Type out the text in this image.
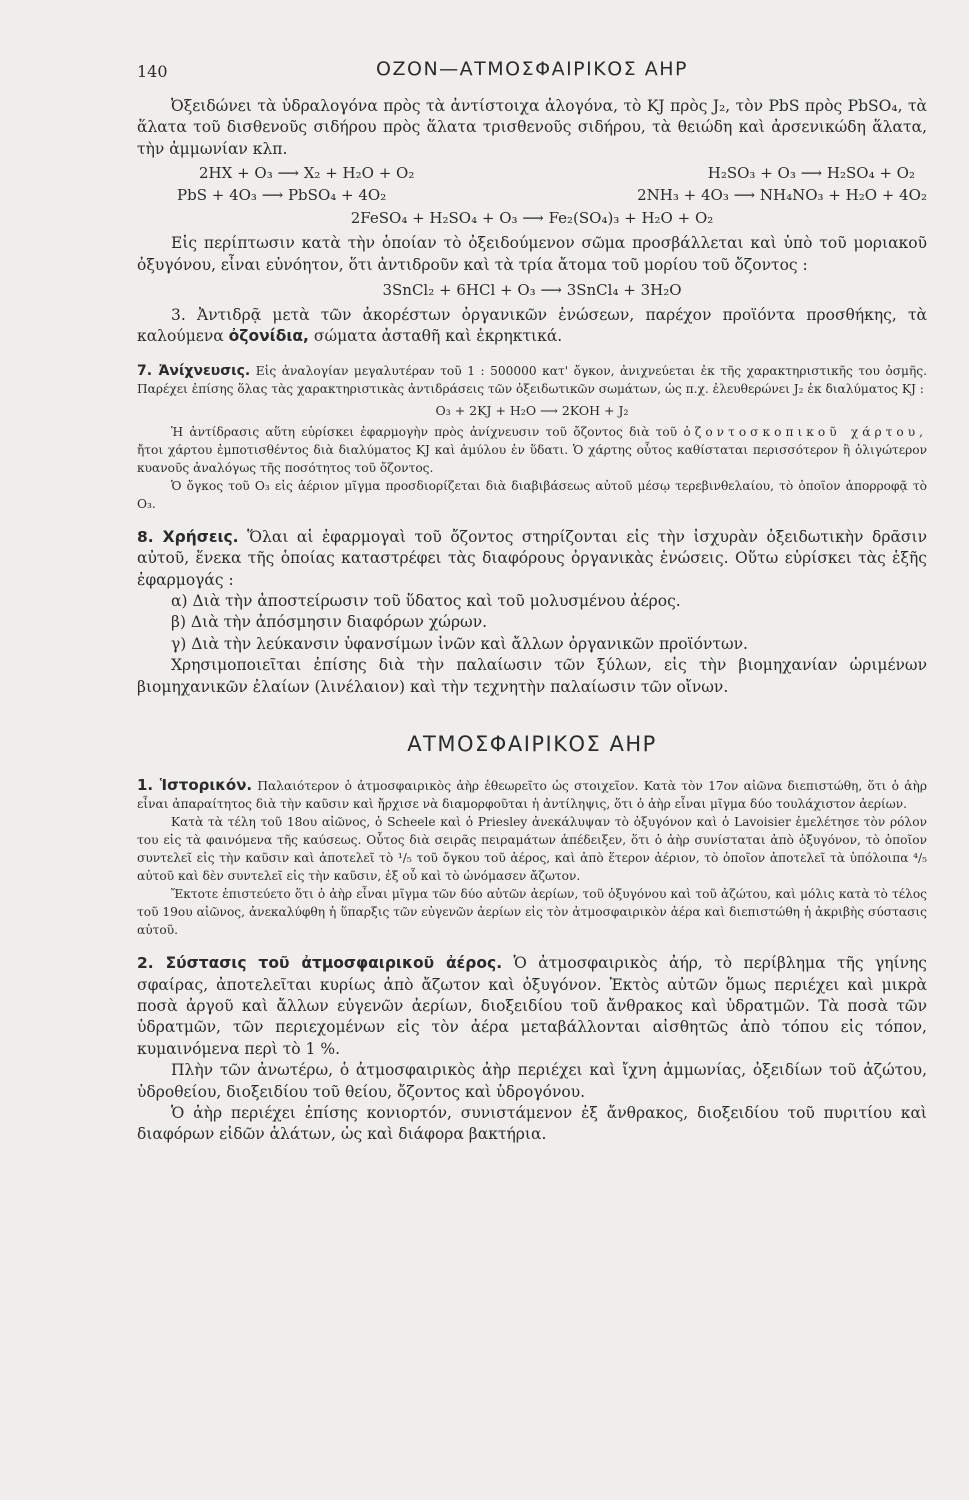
140	ΟΖΟΝ—ΑΤΜΟΣΦΑΙΡΙΚΟΣ ΑΗΡ

Ὀξειδώνει τὰ ὑδραλογόνα πρὸς τὰ ἀντίστοιχα ἀλογόνα, τὸ KJ πρὸς J₂, τὸν PbS πρὸς PbSO₄, τὰ ἅλατα τοῦ δισθενοῦς σιδήρου πρὸς ἅλατα τρισθενοῦς σιδήρου, τὰ θειώδη καὶ ἀρσενικώδη ἅλατα, τὴν ἀμμωνίαν κλπ.

2HX + O₃ ⟶ X₂ + H₂O + O₂	H₂SO₃ + O₃ ⟶ H₂SO₄ + O₂
PbS + 4O₃ ⟶ PbSO₄ + 4O₂	2NH₃ + 4O₃ ⟶ NH₄NO₃ + H₂O + 4O₂
2FeSO₄ + H₂SO₄ + O₃ ⟶ Fe₂(SO₄)₃ + H₂O + O₂

Εἰς περίπτωσιν κατὰ τὴν ὁποίαν τὸ ὀξειδούμενον σῶμα προσβάλλεται καὶ ὑπὸ τοῦ μοριακοῦ ὀξυγόνου, εἶναι εὐνόητον, ὅτι ἀντιδροῦν καὶ τὰ τρία ἄτομα τοῦ μορίου τοῦ ὄζοντος :

3SnCl₂ + 6HCl + O₃ ⟶ 3SnCl₄ + 3H₂O

3. Ἀντιδρᾷ μετὰ τῶν ἀκορέστων ὀργανικῶν ἑνώσεων, παρέχον προϊόντα προσθήκης, τὰ καλούμενα ὀζονίδια, σώματα ἀσταθῆ καὶ ἐκρηκτικά.

7. Ἀνίχνευσις. Εἰς ἀναλογίαν μεγαλυτέραν τοῦ 1 : 500000 κατ' ὄγκον, ἀνιχνεύεται ἐκ τῆς χαρακτηριστικῆς του ὀσμῆς. Παρέχει ἐπίσης ὅλας τὰς χαρακτηριστικὰς ἀντιδράσεις τῶν ὀξειδωτικῶν σωμάτων, ὡς π.χ. ἐλευθερώνει J₂ ἐκ διαλύματος KJ :

O₃ + 2KJ + H₂O ⟶ 2KOH + J₂

Ἡ ἀντίδρασις αὕτη εὑρίσκει ἐφαρμογὴν πρὸς ἀνίχνευσιν τοῦ ὄζοντος διὰ τοῦ ὀζοντοσκοπικοῦ χάρτου, ἤτοι χάρτου ἐμποτισθέντος διὰ διαλύματος KJ καὶ ἀμύλου ἐν ὕδατι. Ὁ χάρτης οὗτος καθίσταται περισσότερον ἢ ὀλιγώτερον κυανοῦς ἀναλόγως τῆς ποσότητος τοῦ ὄζοντος.

Ὁ ὄγκος τοῦ O₃ εἰς ἀέριον μῖγμα προσδιορίζεται διὰ διαβιβάσεως αὐτοῦ μέσῳ τερεβινθελαίου, τὸ ὁποῖον ἀπορροφᾷ τὸ O₃.

8. Χρήσεις. Ὅλαι αἱ ἐφαρμογαὶ τοῦ ὄζοντος στηρίζονται εἰς τὴν ἰσχυρὰν ὀξειδωτικὴν δρᾶσιν αὐτοῦ, ἕνεκα τῆς ὁποίας καταστρέφει τὰς διαφόρους ὀργανικὰς ἑνώσεις. Οὕτω εὑρίσκει τὰς ἑξῆς ἐφαρμογάς :

α) Διὰ τὴν ἀποστείρωσιν τοῦ ὕδατος καὶ τοῦ μολυσμένου ἀέρος.

β) Διὰ τὴν ἀπόσμησιν διαφόρων χώρων.

γ) Διὰ τὴν λεύκανσιν ὑφανσίμων ἰνῶν καὶ ἄλλων ὀργανικῶν προϊόντων.

Χρησιμοποιεῖται ἐπίσης διὰ τὴν παλαίωσιν τῶν ξύλων, εἰς τὴν βιομηχανίαν ὡριμένων βιομηχανικῶν ἐλαίων (λινέλαιον) καὶ τὴν τεχνητὴν παλαίωσιν τῶν οἴνων.

ΑΤΜΟΣΦΑΙΡΙΚΟΣ ΑΗΡ

1. Ἱστορικόν. Παλαιότερον ὁ ἀτμοσφαιρικὸς ἀὴρ ἐθεωρεῖτο ὡς στοιχεῖον. Κατὰ τὸν 17ον αἰῶνα διεπιστώθη, ὅτι ὁ ἀὴρ εἶναι ἀπαραίτητος διὰ τὴν καῦσιν καὶ ἤρχισε νὰ διαμορφοῦται ἡ ἀντίληψις, ὅτι ὁ ἀὴρ εἶναι μῖγμα δύο τουλάχιστον ἀερίων.

Κατὰ τὰ τέλη τοῦ 18ου αἰῶνος, ὁ Scheele καὶ ὁ Priesley ἀνεκάλυψαν τὸ ὀξυγόνον καὶ ὁ Lavoisier ἐμελέτησε τὸν ρόλον του εἰς τὰ φαινόμενα τῆς καύσεως. Οὗτος διὰ σειρᾶς πειραμάτων ἀπέδειξεν, ὅτι ὁ ἀὴρ συνίσταται ἀπὸ ὀξυγόνον, τὸ ὁποῖον συντελεῖ εἰς τὴν καῦσιν καὶ ἀποτελεῖ τὸ ¹/₅ τοῦ ὄγκου τοῦ ἀέρος, καὶ ἀπὸ ἕτερον ἀέριον, τὸ ὁποῖον ἀποτελεῖ τὰ ὑπόλοιπα ⁴/₅ αὐτοῦ καὶ δὲν συντελεῖ εἰς τὴν καῦσιν, ἐξ οὗ καὶ τὸ ὠνόμασεν ἄζωτον.

Ἔκτοτε ἐπιστεύετο ὅτι ὁ ἀὴρ εἶναι μῖγμα τῶν δύο αὐτῶν ἀερίων, τοῦ ὀξυγόνου καὶ τοῦ ἀζώτου, καὶ μόλις κατὰ τὸ τέλος τοῦ 19ου αἰῶνος, ἀνεκαλύφθη ἡ ὕπαρξις τῶν εὐγενῶν ἀερίων εἰς τὸν ἀτμοσφαιρικὸν ἀέρα καὶ διεπιστώθη ἡ ἀκριβὴς σύστασις αὐτοῦ.

2. Σύστασις τοῦ ἀτμοσφαιρικοῦ ἀέρος. Ὁ ἀτμοσφαιρικὸς ἀήρ, τὸ περίβλημα τῆς γηίνης σφαίρας, ἀποτελεῖται κυρίως ἀπὸ ἄζωτον καὶ ὀξυγόνον. Ἐκτὸς αὐτῶν ὅμως περιέχει καὶ μικρὰ ποσὰ ἀργοῦ καὶ ἄλλων εὐγενῶν ἀερίων, διοξειδίου τοῦ ἄνθρακος καὶ ὑδρατμῶν. Τὰ ποσὰ τῶν ὑδρατμῶν, τῶν περιεχομένων εἰς τὸν ἀέρα μεταβάλλονται αἰσθητῶς ἀπὸ τόπου εἰς τόπον, κυμαινόμενα περὶ τὸ 1 %.

Πλὴν τῶν ἀνωτέρω, ὁ ἀτμοσφαιρικὸς ἀὴρ περιέχει καὶ ἴχνη ἀμμωνίας, ὀξειδίων τοῦ ἀζώτου, ὑδροθείου, διοξειδίου τοῦ θείου, ὄζοντος καὶ ὑδρογόνου.

Ὁ ἀὴρ περιέχει ἐπίσης κονιορτόν, συνιστάμενον ἐξ ἄνθρακος, διοξειδίου τοῦ πυριτίου καὶ διαφόρων εἰδῶν ἁλάτων, ὡς καὶ διάφορα βακτήρια.
